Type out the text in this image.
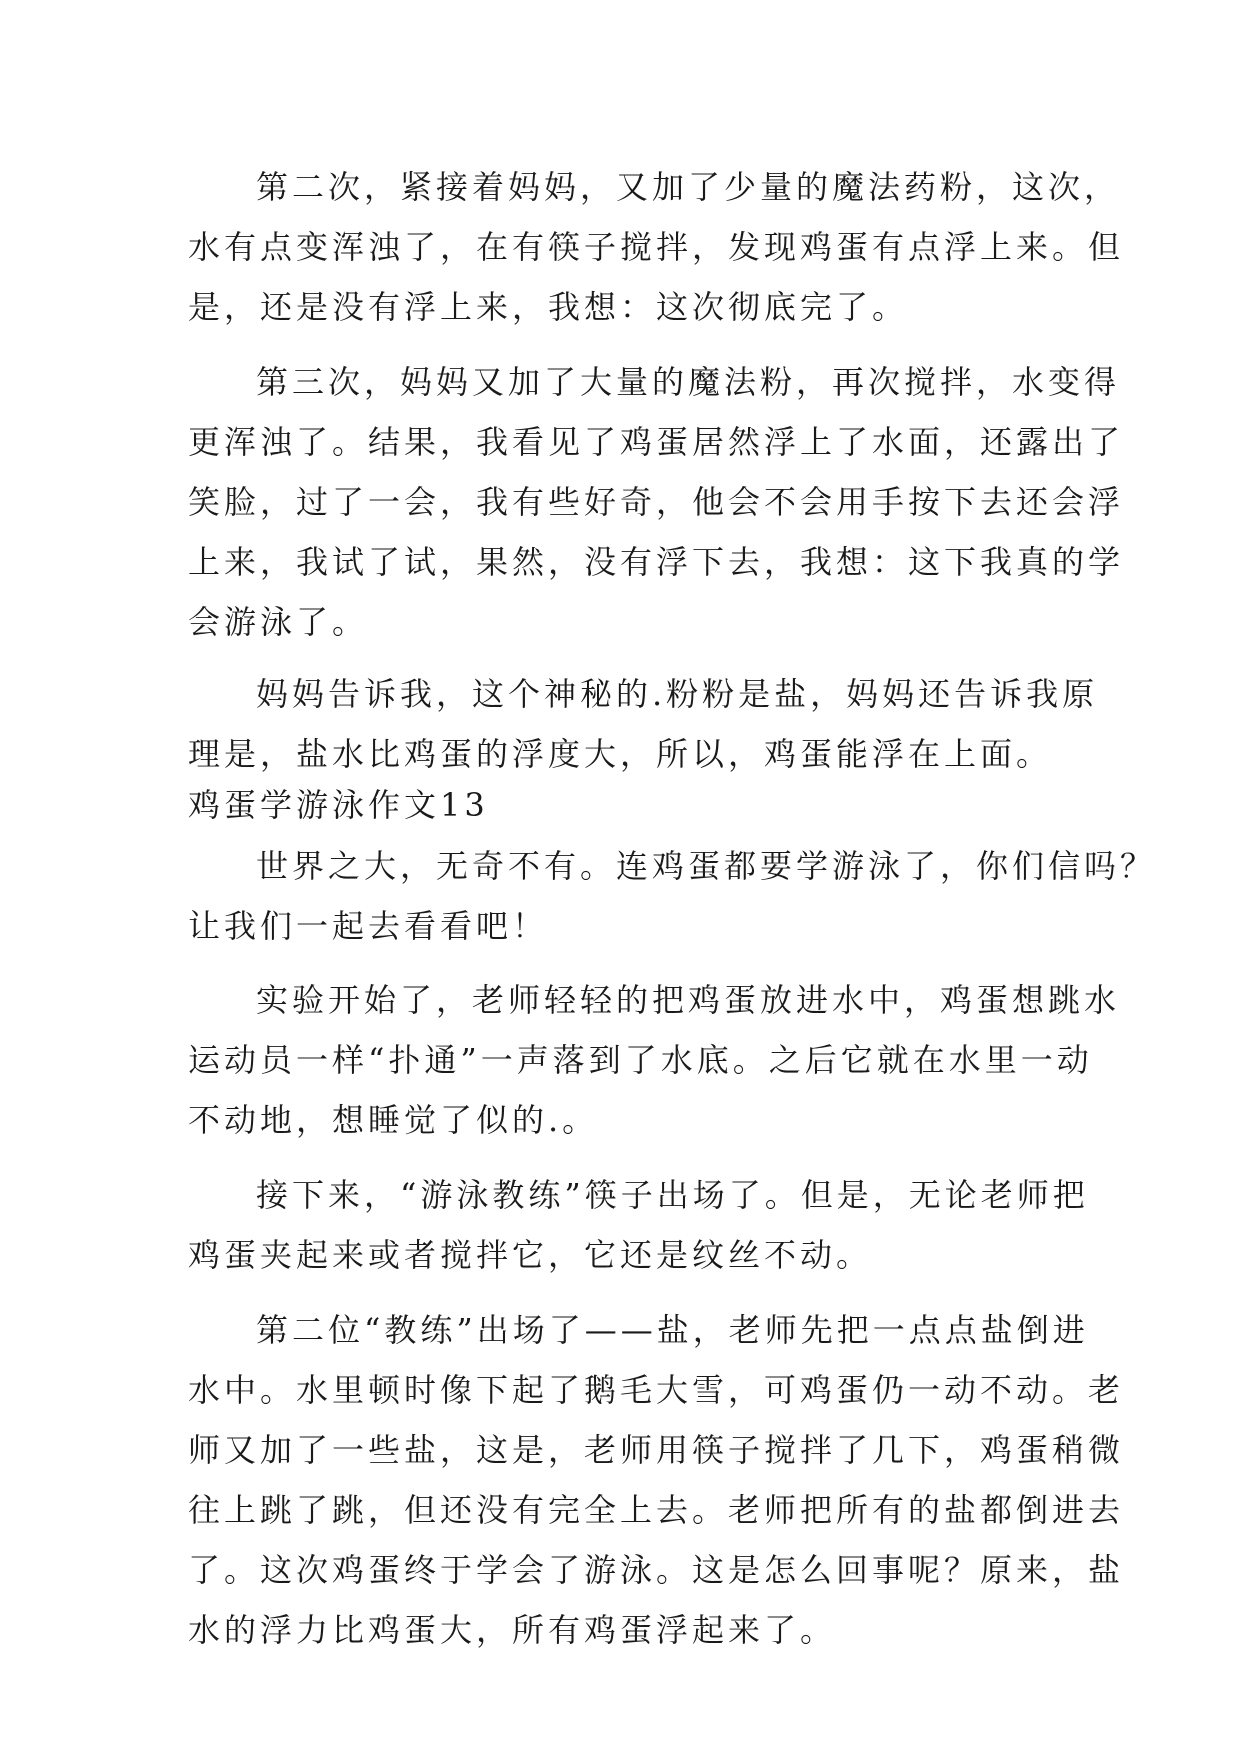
第二次，紧接着妈妈，又加了少量的魔法药粉，这次，
水有点变浑浊了，在有筷子搅拌，发现鸡蛋有点浮上来。但
是，还是没有浮上来，我想：这次彻底完了。
第三次，妈妈又加了大量的魔法粉，再次搅拌，水变得
更浑浊了。结果，我看见了鸡蛋居然浮上了水面，还露出了
笑脸，过了一会，我有些好奇，他会不会用手按下去还会浮
上来，我试了试，果然，没有浮下去，我想：这下我真的学
会游泳了。
妈妈告诉我，这个神秘的.粉粉是盐，妈妈还告诉我原
理是，盐水比鸡蛋的浮度大，所以，鸡蛋能浮在上面。
鸡蛋学游泳作文13
世界之大，无奇不有。连鸡蛋都要学游泳了，你们信吗？
让我们一起去看看吧！
实验开始了，老师轻轻的把鸡蛋放进水中，鸡蛋想跳水
运动员一样“扑通”一声落到了水底。之后它就在水里一动
不动地，想睡觉了似的.。
接下来，“游泳教练”筷子出场了。但是，无论老师把
鸡蛋夹起来或者搅拌它，它还是纹丝不动。
第二位“教练”出场了——盐，老师先把一点点盐倒进
水中。水里顿时像下起了鹅毛大雪，可鸡蛋仍一动不动。老
师又加了一些盐，这是，老师用筷子搅拌了几下，鸡蛋稍微
往上跳了跳，但还没有完全上去。老师把所有的盐都倒进去
了。这次鸡蛋终于学会了游泳。这是怎么回事呢？原来，盐
水的浮力比鸡蛋大，所有鸡蛋浮起来了。
